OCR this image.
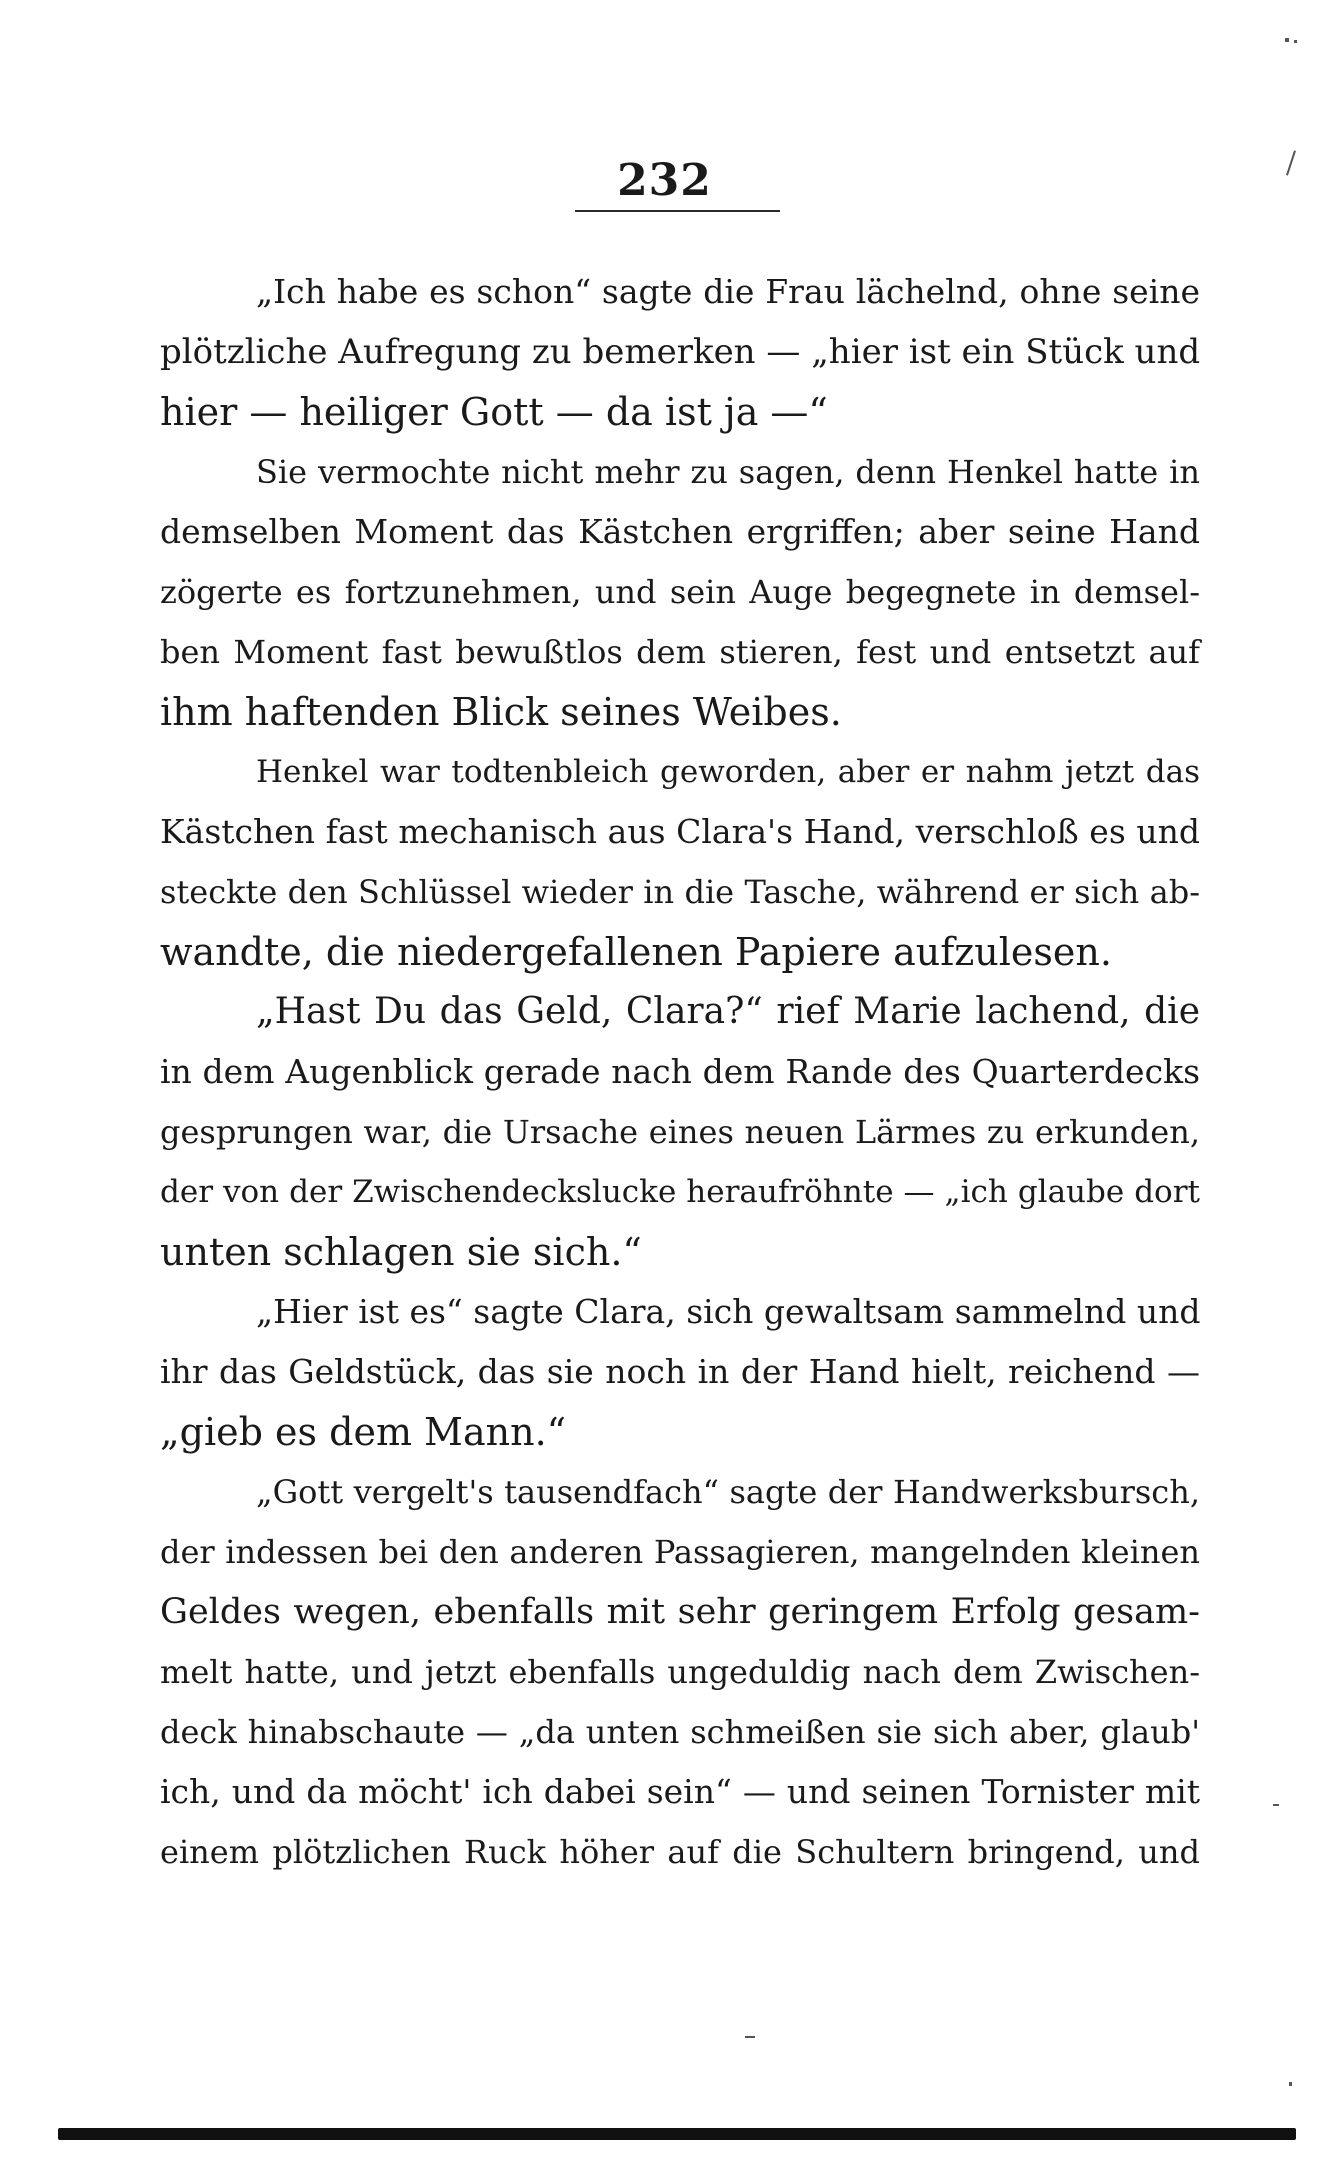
232

„Ich habe es schon“ sagte die Frau lächelnd, ohne seine
plötzliche Aufregung zu bemerken — „hier ist ein Stück und
hier — heiliger Gott — da ist ja —“

Sie vermochte nicht mehr zu sagen, denn Henkel hatte in
demselben Moment das Kästchen ergriffen; aber seine Hand
zögerte es fortzunehmen, und sein Auge begegnete in demsel-
ben Moment fast bewußtlos dem stieren, fest und entsetzt auf
ihm haftenden Blick seines Weibes.

Henkel war todtenbleich geworden, aber er nahm jetzt das
Kästchen fast mechanisch aus Clara's Hand, verschloß es und
steckte den Schlüssel wieder in die Tasche, während er sich ab-
wandte, die niedergefallenen Papiere aufzulesen.

„Hast Du das Geld, Clara?“ rief Marie lachend, die
in dem Augenblick gerade nach dem Rande des Quarterdecks
gesprungen war, die Ursache eines neuen Lärmes zu erkunden,
der von der Zwischendeckslucke heraufröhnte — „ich glaube dort
unten schlagen sie sich.“

„Hier ist es“ sagte Clara, sich gewaltsam sammelnd und
ihr das Geldstück, das sie noch in der Hand hielt, reichend —
„gieb es dem Mann.“

„Gott vergelt's tausendfach“ sagte der Handwerksbursch,
der indessen bei den anderen Passagieren, mangelnden kleinen
Geldes wegen, ebenfalls mit sehr geringem Erfolg gesam-
melt hatte, und jetzt ebenfalls ungeduldig nach dem Zwischen-
deck hinabschaute — „da unten schmeißen sie sich aber, glaub'
ich, und da möcht' ich dabei sein“ — und seinen Tornister mit
einem plötzlichen Ruck höher auf die Schultern bringend, und
